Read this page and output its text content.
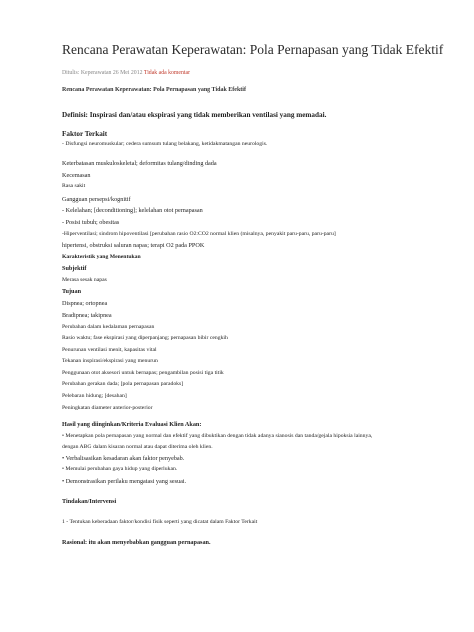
Rencana Perawatan Keperawatan: Pola Pernapasan yang Tidak Efektif
Ditulis: Keperawatan 26 Mei 2012 Tidak ada komentar
Rencana Perawatan Keperawatan: Pola Pernapasan yang Tidak Efektif
Definisi: Inspirasi dan/atau ekspirasi yang tidak memberikan ventilasi yang memadai.
Faktor Terkait
- Disfungsi neuromuskular; cedera sumsum tulang belakang, ketidakmatangan neurologis.
Keterbatasan muskuloskeletal; deformitas tulang/dinding dada
Kecemasan
Rasa sakit
Gangguan persepsi/kognitif
- Kelelahan; [deconditioning]; kelelahan otot pernapasan
- Posisi tubuh; obesitas
-Hiperventilasi; sindrom hipoventilasi [perubahan rasio O2:CO2 normal klien (misalnya, penyakit paru-paru, paru-paru]
hipertensi, obstruksi saluran napas; terapi O2 pada PPOK
Karakteristik yang Menentukan
Subjektif
Merasa sesak napas
Tujuan
Dispnea; ortopnea
Bradipnea; takipnea
Perubahan dalam kedalaman pernapasan
Rasio waktu; fase ekspirasi yang diperpanjang; pernapasan bibir cengkih
Penurunan ventilasi menit, kapasitas vital
Tekanan inspirasi/ekspirasi yang menurun
Penggunaan otot aksesori untuk bernapas; pengambilan posisi tiga titik
Perubahan gerakan dada; [pola pernapasan paradoks]
Pelebaran hidung; [desahan]
Peningkatan diameter anterior-posterior
Hasil yang diinginkan/Kriteria Evaluasi Klien Akan:
• Menetapkan pola pernapasan yang normal dan efektif yang dibuktikan dengan tidak adanya sianosis dan tanda/gejala hipoksia lainnya,
dengan ABG dalam kisaran normal atau dapat diterima oleh klien.
• Verbalisasikan kesadaran akan faktor penyebab.
• Memulai perubahan gaya hidup yang diperlukan.
• Demonstrasikan perilaku mengatasi yang sesuai.
Tindakan/Intervensi
1 - Tentukan keberadaan faktor/kondisi fisik seperti yang dicatat dalam Faktor Terkait
Rasional: itu akan menyebabkan gangguan pernapasan.
